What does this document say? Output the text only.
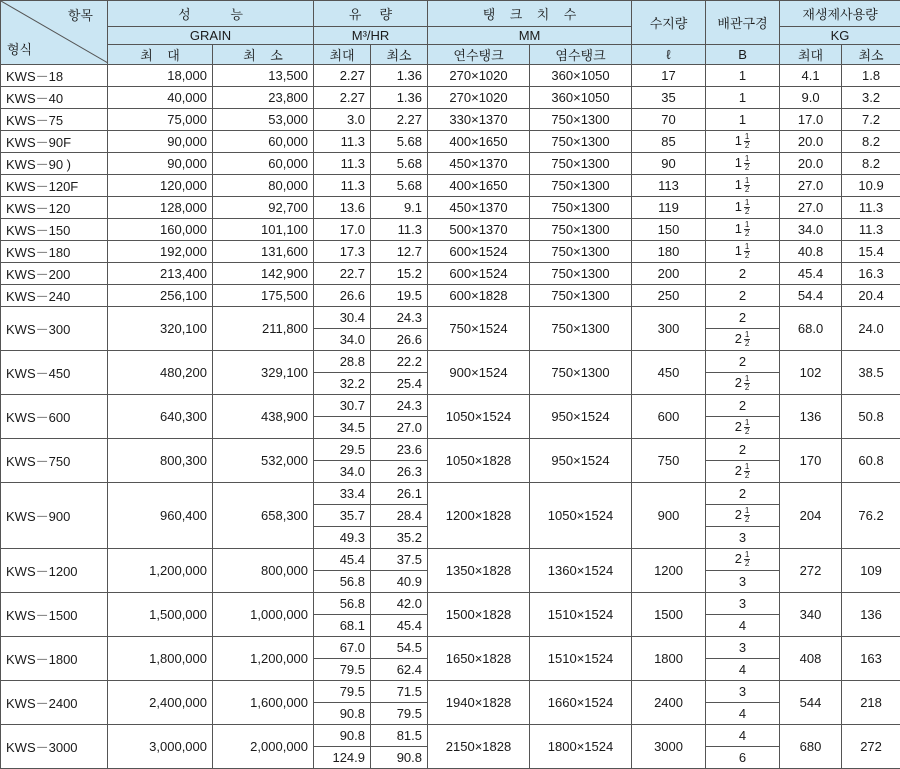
항목
형식	성           능		유     량		탱    크    치    수		수지량	배관구경	재생제사용량	
	GRAIN		M³/HR		MM				KG	
	최    대	최    소	최대	최소	연수탱크	염수탱크	ℓ	B	최대	최소
KWS－18	18,000	13,500	2.27	1.36	270×1020	360×1050	17	1	4.1	1.8
KWS－40	40,000	23,800	2.27	1.36	270×1020	360×1050	35	1	9.0	3.2
KWS－75	75,000	53,000	3.0	2.27	330×1370	750×1300	70	1	17.0	7.2
KWS－90F	90,000	60,000	11.3	5.68	400×1650	750×1300	85	$1 \frac{1}{2}$	20.0	8.2
KWS－90 )	90,000	60,000	11.3	5.68	450×1370	750×1300	90	$1 \frac{1}{2}$	20.0	8.2
KWS－120F	120,000	80,000	11.3	5.68	400×1650	750×1300	113	$1 \frac{1}{2}$	27.0	10.9
KWS－120	128,000	92,700	13.6	9.1	450×1370	750×1300	119	$1 \frac{1}{2}$	27.0	11.3
KWS－150	160,000	101,100	17.0	11.3	500×1370	750×1300	150	$1 \frac{1}{2}$	34.0	11.3
KWS－180	192,000	131,600	17.3	12.7	600×1524	750×1300	180	$1 \frac{1}{2}$	40.8	15.4
KWS－200	213,400	142,900	22.7	15.2	600×1524	750×1300	200	2	45.4	16.3
KWS－240	256,100	175,500	26.6	19.5	600×1828	750×1300	250	2	54.4	20.4
KWS－300	320,100	211,800	30.4	24.3	750×1524	750×1300	300	2	68.0	24.0
			34.0	26.6				$2 \frac{1}{2}$

KWS－450	480,200	329,100	28.8	22.2	900×1524	750×1300	450	2	102	38.5
			32.2	25.4				$2 \frac{1}{2}$

KWS－600	640,300	438,900	30.7	24.3	1050×1524	950×1524	600	2	136	50.8
			34.5	27.0				$2 \frac{1}{2}$

KWS－750	800,300	532,000	29.5	23.6	1050×1828	950×1524	750	2	170	60.8
			34.0	26.3				$2 \frac{1}{2}$

KWS－900	960,400	658,300	33.4	26.1	1200×1828	1050×1524	900	2	204	76.2
			35.7	28.4				$2 \frac{1}{2}$

			49.3	35.2				3		
KWS－1200	1,200,000	800,000	45.4	37.5	1350×1828	1360×1524	1200	$2 \frac{1}{2}$	272	109
			56.8	40.9				3		
KWS－1500	1,500,000	1,000,000	56.8	42.0	1500×1828	1510×1524	1500	3	340	136
			68.1	45.4				4		
KWS－1800	1,800,000	1,200,000	67.0	54.5	1650×1828	1510×1524	1800	3	408	163
			79.5	62.4				4		
KWS－2400	2,400,000	1,600,000	79.5	71.5	1940×1828	1660×1524	2400	3	544	218
			90.8	79.5				4		
KWS－3000	3,000,000	2,000,000	90.8	81.5	2150×1828	1800×1524	3000	4	680	272
			124.9	90.8				6		
